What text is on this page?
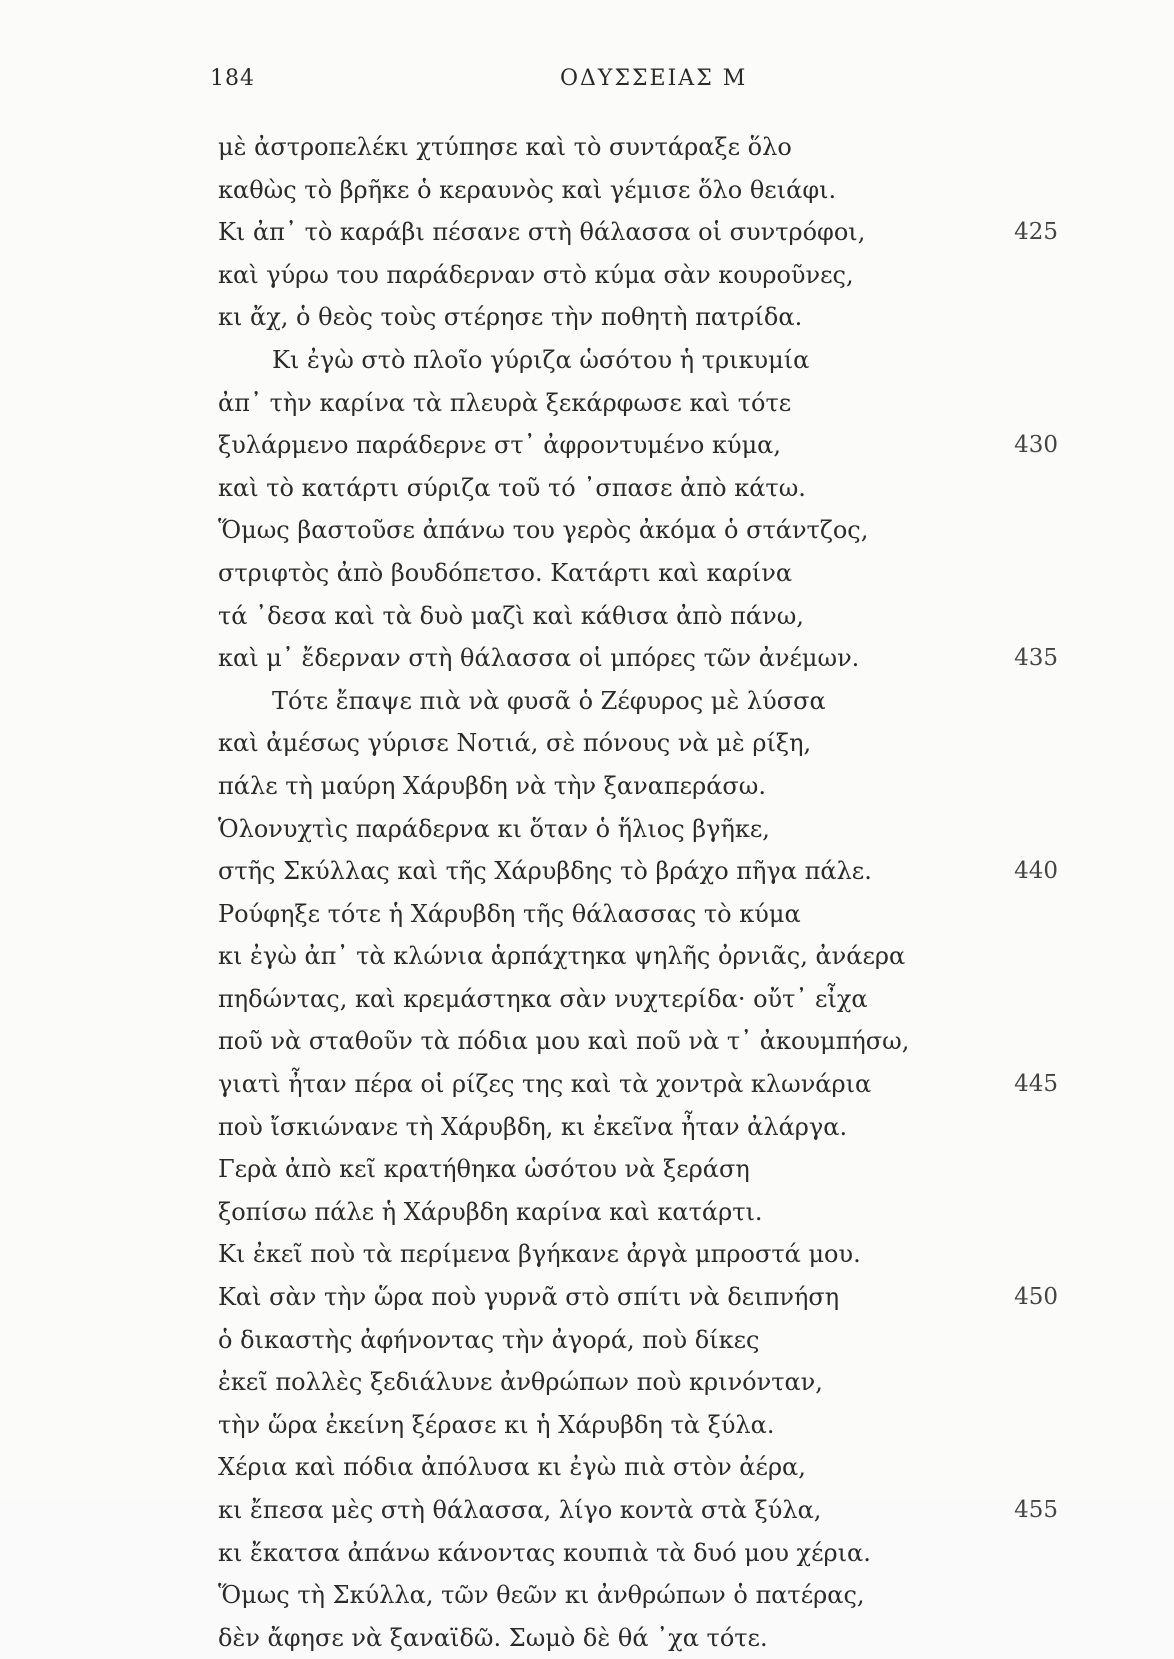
184	ΟΔΥΣΣΕΙΑΣ Μ
μὲ ἀστροπελέκι χτύπησε καὶ τὸ συντάραξε ὅλο
καθὼς τὸ βρῆκε ὁ κεραυνὸς καὶ γέμισε ὅλο θειάφι.
Κι ἀπ᾽ τὸ καράβι πέσανε στὴ θάλασσα οἱ συντρόφοι,	425
καὶ γύρω του παράδερναν στὸ κύμα σὰν κουροῦνες,
κι ἄχ, ὁ θεὸς τοὺς στέρησε τὴν ποθητὴ πατρίδα.
Κι ἐγὼ στὸ πλοῖο γύριζα ὡσότου ἡ τρικυμία
ἀπ᾽ τὴν καρίνα τὰ πλευρὰ ξεκάρφωσε καὶ τότε
ξυλάρμενο παράδερνε στ᾽ ἀφροντυμένο κύμα,	430
καὶ τὸ κατάρτι σύριζα τοῦ τό ᾽σπασε ἀπὸ κάτω.
Ὅμως βαστοῦσε ἀπάνω του γερὸς ἀκόμα ὁ στάντζος,
στριφτὸς ἀπὸ βουδόπετσο. Κατάρτι καὶ καρίνα
τά ᾽δεσα καὶ τὰ δυὸ μαζὶ καὶ κάθισα ἀπὸ πάνω,
καὶ μ᾽ ἔδερναν στὴ θάλασσα οἱ μπόρες τῶν ἀνέμων.	435
Τότε ἔπαψε πιὰ νὰ φυσᾶ ὁ Ζέφυρος μὲ λύσσα
καὶ ἀμέσως γύρισε Νοτιά, σὲ πόνους νὰ μὲ ρίξη,
πάλε τὴ μαύρη Χάρυβδη νὰ τὴν ξαναπεράσω.
Ὁλονυχτὶς παράδερνα κι ὅταν ὁ ἥλιος βγῆκε,
στῆς Σκύλλας καὶ τῆς Χάρυβδης τὸ βράχο πῆγα πάλε.	440
Ρούφηξε τότε ἡ Χάρυβδη τῆς θάλασσας τὸ κύμα
κι ἐγὼ ἀπ᾽ τὰ κλώνια ἁρπάχτηκα ψηλῆς ὀρνιᾶς, ἀνάερα
πηδώντας, καὶ κρεμάστηκα σὰν νυχτερίδα· οὔτ᾽ εἶχα
ποῦ νὰ σταθοῦν τὰ πόδια μου καὶ ποῦ νὰ τ᾽ ἀκουμπήσω,
γιατὶ ἦταν πέρα οἱ ρίζες της καὶ τὰ χοντρὰ κλωνάρια	445
ποὺ ἴσκιώνανε τὴ Χάρυβδη, κι ἐκεῖνα ἦταν ἀλάργα.
Γερὰ ἀπὸ κεῖ κρατήθηκα ὡσότου νὰ ξεράση
ξοπίσω πάλε ἡ Χάρυβδη καρίνα καὶ κατάρτι.
Κι ἐκεῖ ποὺ τὰ περίμενα βγήκανε ἀργὰ μπροστά μου.
Καὶ σὰν τὴν ὥρα ποὺ γυρνᾶ στὸ σπίτι νὰ δειπνήση	450
ὁ δικαστὴς ἀφήνοντας τὴν ἀγορά, ποὺ δίκες
ἐκεῖ πολλὲς ξεδιάλυνε ἀνθρώπων ποὺ κρινόνταν,
τὴν ὥρα ἐκείνη ξέρασε κι ἡ Χάρυβδη τὰ ξύλα.
Χέρια καὶ πόδια ἀπόλυσα κι ἐγὼ πιὰ στὸν ἀέρα,
κι ἔπεσα μὲς στὴ θάλασσα, λίγο κοντὰ στὰ ξύλα,	455
κι ἔκατσα ἀπάνω κάνοντας κουπιὰ τὰ δυό μου χέρια.
Ὅμως τὴ Σκύλλα, τῶν θεῶν κι ἀνθρώπων ὁ πατέρας,
δὲν ἄφησε νὰ ξαναϊδῶ. Σωμὸ δὲ θά ᾽χα τότε.
